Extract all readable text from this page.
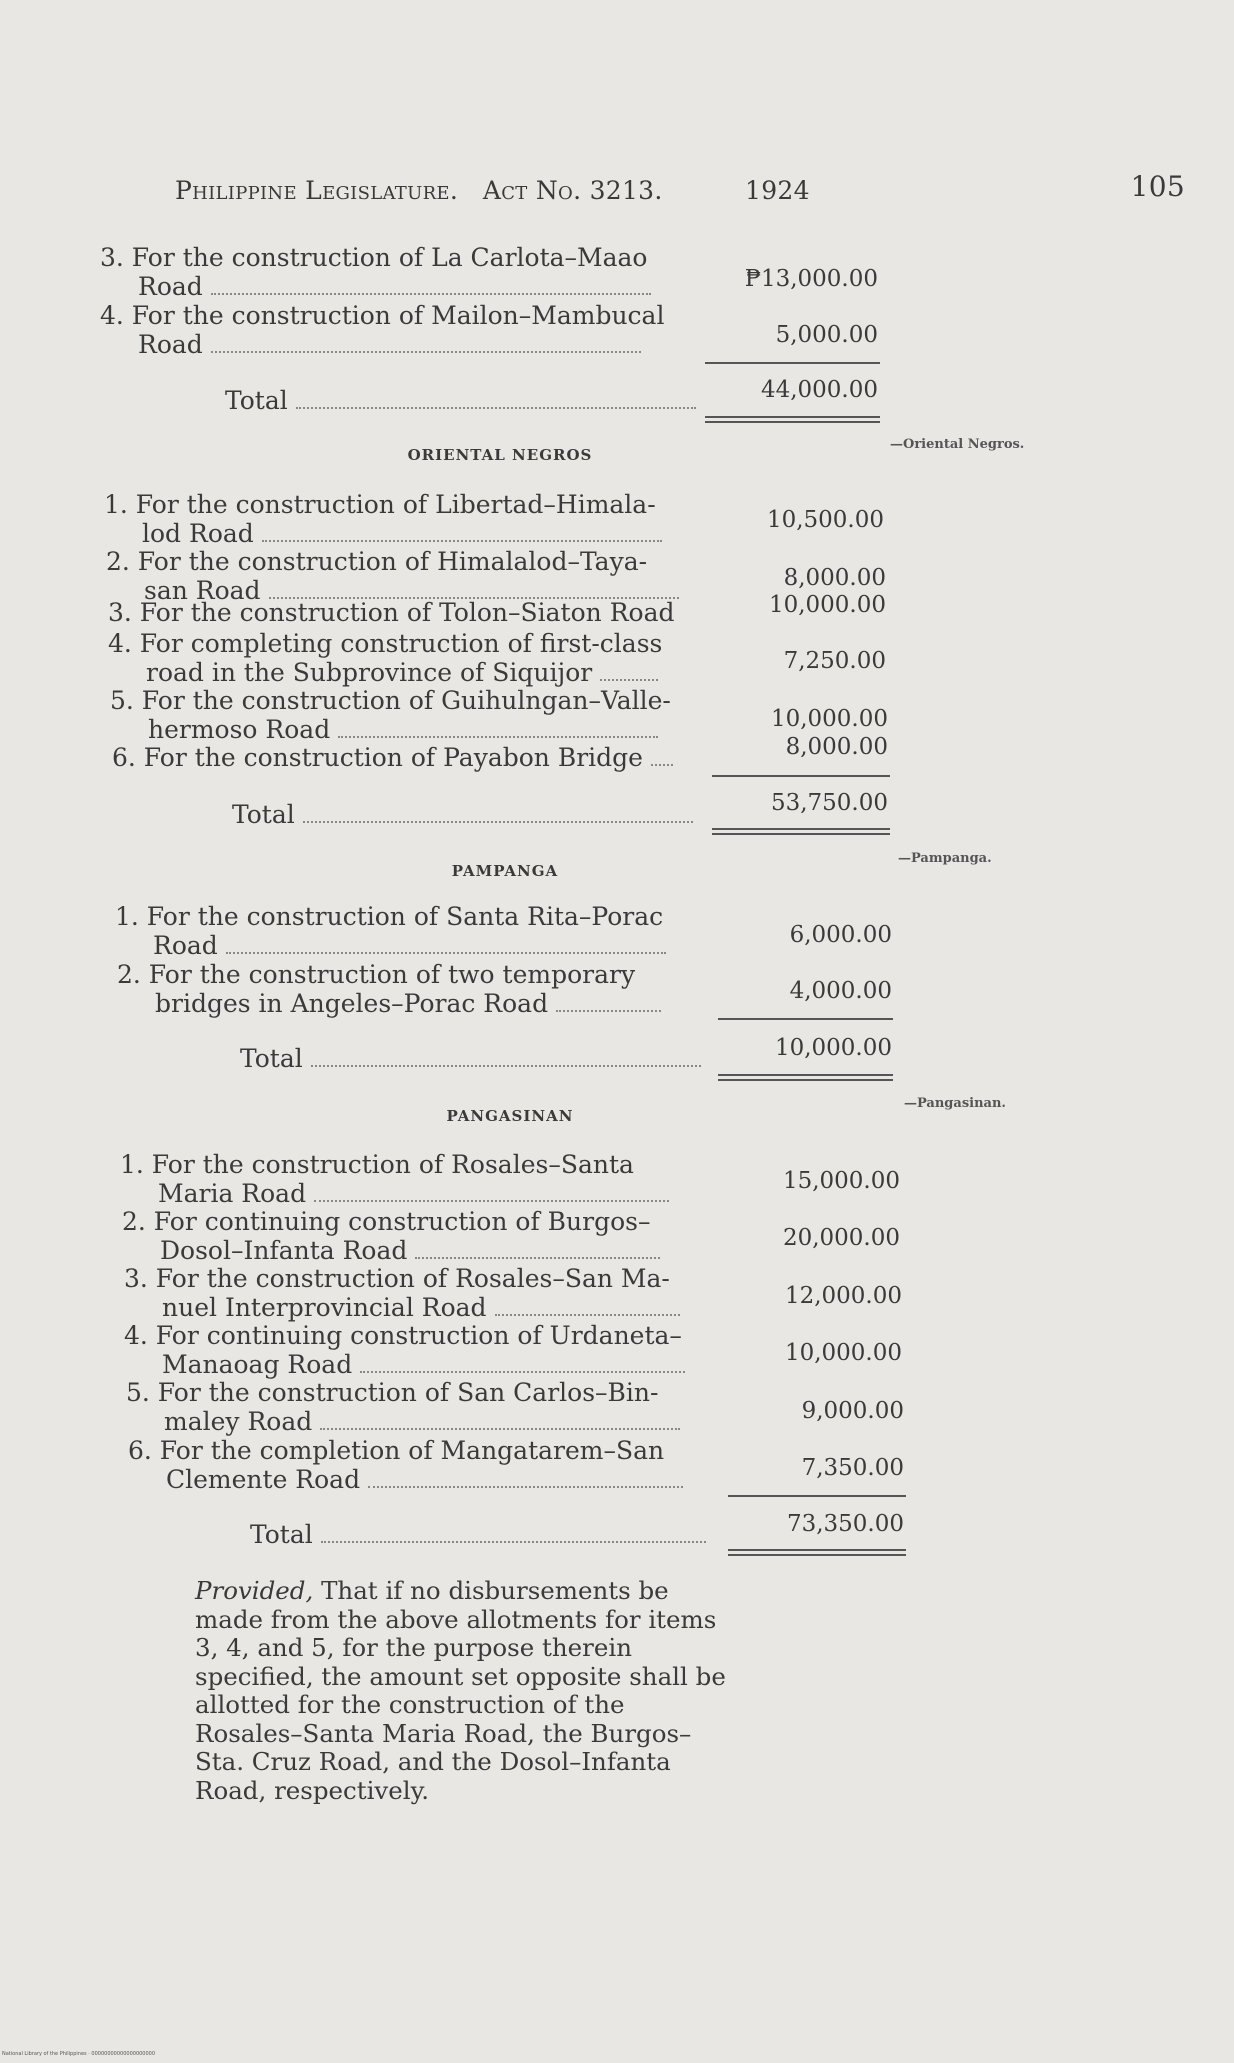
Philippine Legislature. Act No. 3213.	1924	105
3. For the construction of La Carlota–Maao
Road	₱13,000.00
4. For the construction of Mailon–Mambucal
Road	5,000.00
Total	44,000.00
ORIENTAL NEGROS
—Oriental Negros.
1. For the construction of Libertad–Himala-
lod Road	10,500.00
2. For the construction of Himalalod–Taya-
san Road	8,000.00
3. For the construction of Tolon–Siaton Road	10,000.00
4. For completing construction of first-class
road in the Subprovince of Siquijor	7,250.00
5. For the construction of Guihulngan–Valle-
hermoso Road	10,000.00
6. For the construction of Payabon Bridge	8,000.00
Total	53,750.00
PAMPANGA
—Pampanga.
1. For the construction of Santa Rita–Porac
Road	6,000.00
2. For the construction of two temporary
bridges in Angeles–Porac Road	4,000.00
Total	10,000.00
PANGASINAN
—Pangasinan.
1. For the construction of Rosales–Santa
Maria Road	15,000.00
2. For continuing construction of Burgos–
Dosol–Infanta Road	20,000.00
3. For the construction of Rosales–San Ma-
nuel Interprovincial Road	12,000.00
4. For continuing construction of Urdaneta–
Manaoag Road	10,000.00
5. For the construction of San Carlos–Bin-
maley Road	9,000.00
6. For the completion of Mangatarem–San
Clemente Road	7,350.00
Total	73,350.00
Provided, That if no disbursements be made from the above allotments for items 3, 4, and 5, for the purpose therein specified, the amount set opposite shall be allotted for the construction of the Rosales–Santa Maria Road, the Burgos–Sta. Cruz Road, and the Dosol–Infanta Road, respectively.
National Library of the Philippines · 00000000000000000000
